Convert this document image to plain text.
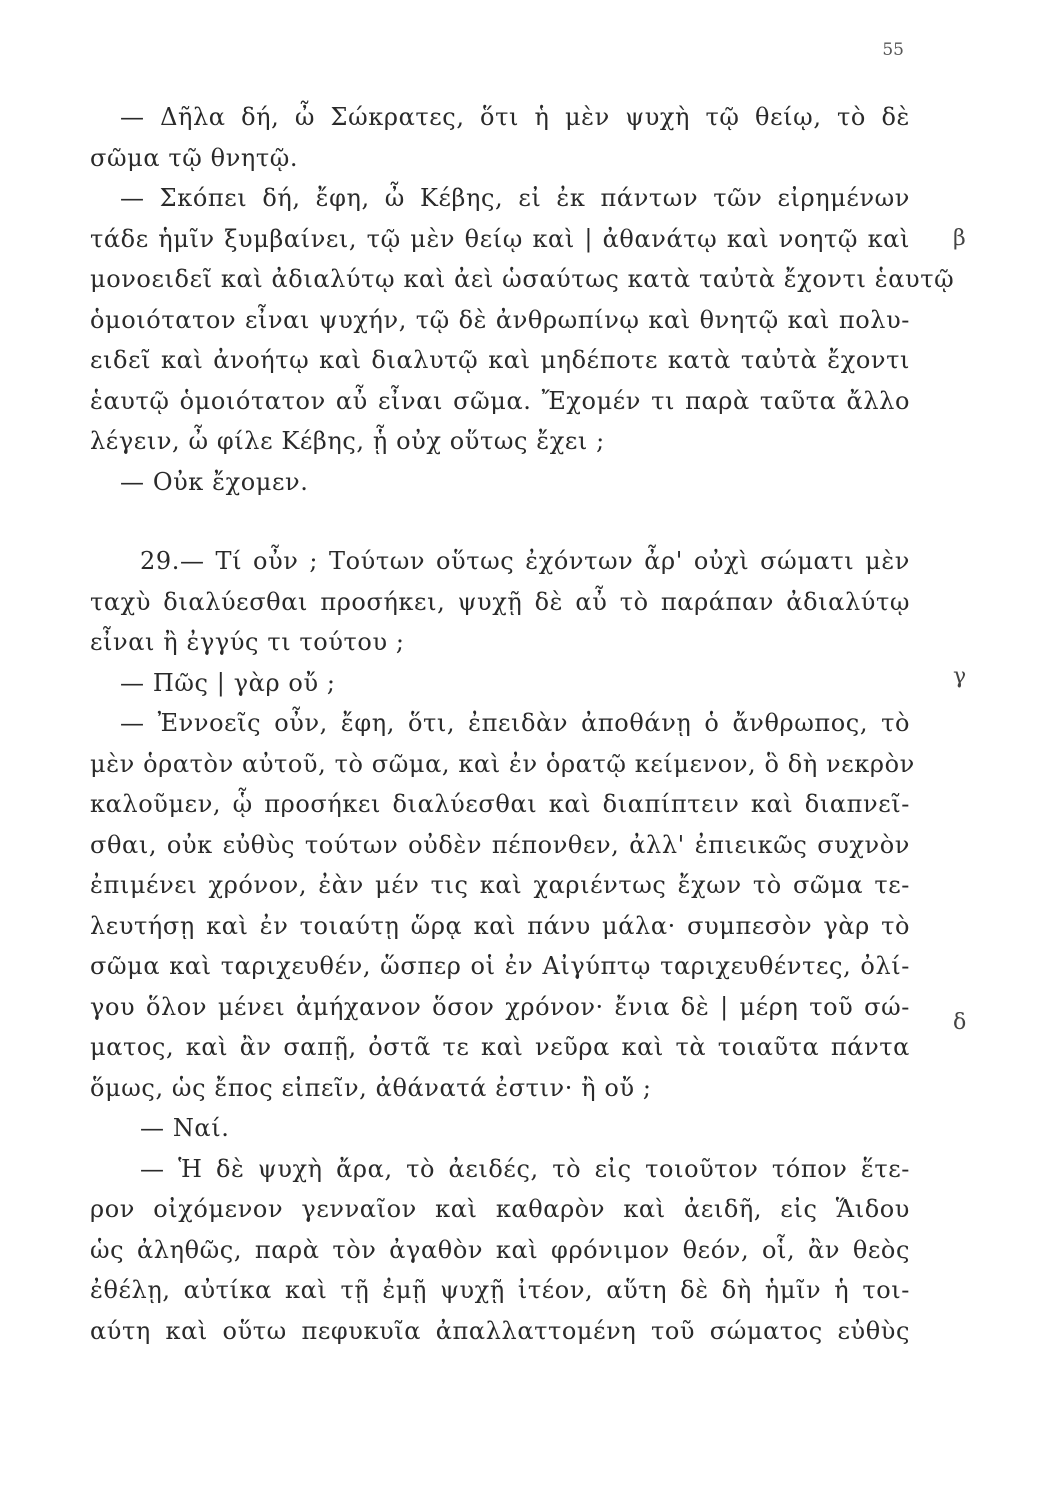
55
β
γ
δ
— Δῆλα δή, ὦ Σώκρατες, ὅτι ἡ μὲν ψυχὴ τῷ θείῳ, τὸ δὲ
σῶμα τῷ θνητῷ.
— Σκόπει δή, ἔφη, ὦ Κέβης, εἰ ἐκ πάντων τῶν εἰρημένων
τάδε ἡμῖν ξυμβαίνει, τῷ μὲν θείῳ καὶ | ἀθανάτῳ καὶ νοητῷ καὶ
μονοειδεῖ καὶ ἀδιαλύτῳ καὶ ἀεὶ ὡσαύτως κατὰ ταὐτὰ ἔχοντι ἑαυτῷ
ὁμοιότατον εἶναι ψυχήν, τῷ δὲ ἀνθρωπίνῳ καὶ θνητῷ καὶ πολυ-
ειδεῖ καὶ ἀνοήτῳ καὶ διαλυτῷ καὶ μηδέποτε κατὰ ταὐτὰ ἔχοντι
ἑαυτῷ ὁμοιότατον αὖ εἶναι σῶμα. Ἔχομέν τι παρὰ ταῦτα ἄλλο
λέγειν, ὦ φίλε Κέβης, ᾗ οὐχ οὕτως ἔχει ;
— Οὐκ ἔχομεν.
29.— Τί οὖν ; Τούτων οὕτως ἐχόντων ἆρ' οὐχὶ σώματι μὲν
ταχὺ διαλύεσθαι προσήκει, ψυχῇ δὲ αὖ τὸ παράπαν ἀδιαλύτῳ
εἶναι ἢ ἐγγύς τι τούτου ;
— Πῶς | γὰρ οὔ ;
— Ἐννοεῖς οὖν, ἔφη, ὅτι, ἐπειδὰν ἀποθάνῃ ὁ ἄνθρωπος, τὸ
μὲν ὁρατὸν αὐτοῦ, τὸ σῶμα, καὶ ἐν ὁρατῷ κείμενον, ὃ δὴ νεκρὸν
καλοῦμεν, ᾧ προσήκει διαλύεσθαι καὶ διαπίπτειν καὶ διαπνεῖ-
σθαι, οὐκ εὐθὺς τούτων οὐδὲν πέπονθεν, ἀλλ' ἐπιεικῶς συχνὸν
ἐπιμένει χρόνον, ἐὰν μέν τις καὶ χαριέντως ἔχων τὸ σῶμα τε-
λευτήσῃ καὶ ἐν τοιαύτῃ ὥρᾳ καὶ πάνυ μάλα· συμπεσὸν γὰρ τὸ
σῶμα καὶ ταριχευθέν, ὥσπερ οἱ ἐν Αἰγύπτῳ ταριχευθέντες, ὀλί-
γου ὅλον μένει ἀμήχανον ὅσον χρόνον· ἔνια δὲ | μέρη τοῦ σώ-
ματος, καὶ ἂν σαπῇ, ὀστᾶ τε καὶ νεῦρα καὶ τὰ τοιαῦτα πάντα
ὅμως, ὡς ἔπος εἰπεῖν, ἀθάνατά ἐστιν· ἢ οὔ ;
— Ναί.
— Ἡ δὲ ψυχὴ ἄρα, τὸ ἀειδές, τὸ εἰς τοιοῦτον τόπον ἕτε-
ρον οἰχόμενον γενναῖον καὶ καθαρὸν καὶ ἀειδῆ, εἰς Ἅιδου
ὡς ἀληθῶς, παρὰ τὸν ἀγαθὸν καὶ φρόνιμον θεόν, οἷ, ἂν θεὸς
ἐθέλῃ, αὐτίκα καὶ τῇ ἐμῇ ψυχῇ ἰτέον, αὕτη δὲ δὴ ἡμῖν ἡ τοι-
αύτη καὶ οὕτω πεφυκυῖα ἀπαλλαττομένη τοῦ σώματος εὐθὺς
